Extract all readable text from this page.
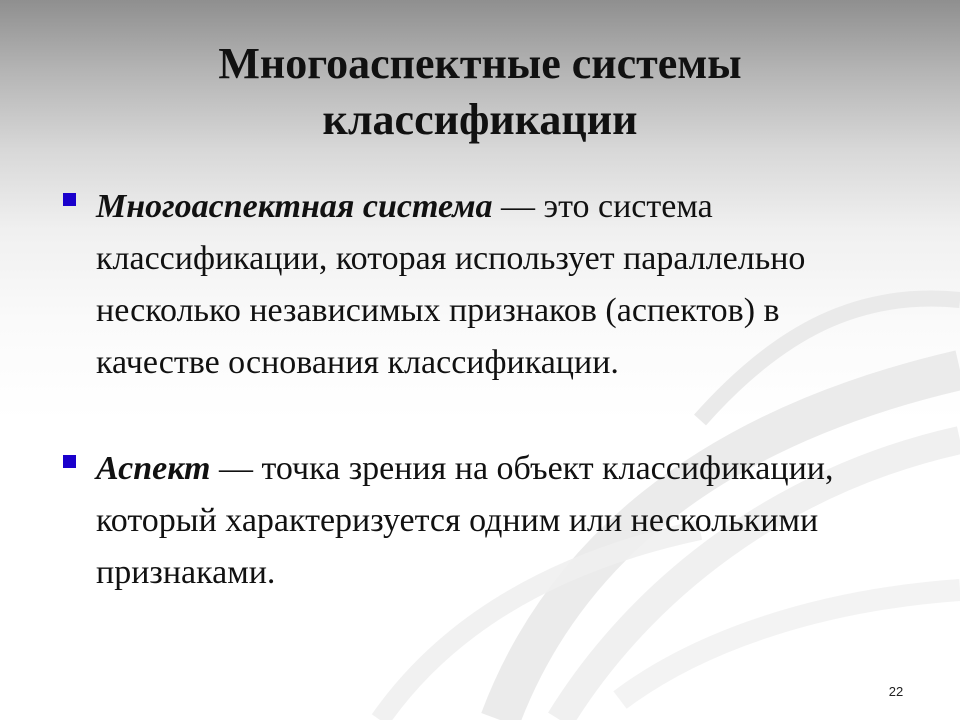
Многоаспектные системы
классификации
Многоаспектная система — это система классификации, которая использует параллельно несколько независимых признаков (аспектов) в качестве основания классификации.
Аспект — точка зрения на объект классификации, который характеризуется одним или несколькими признаками.
22
